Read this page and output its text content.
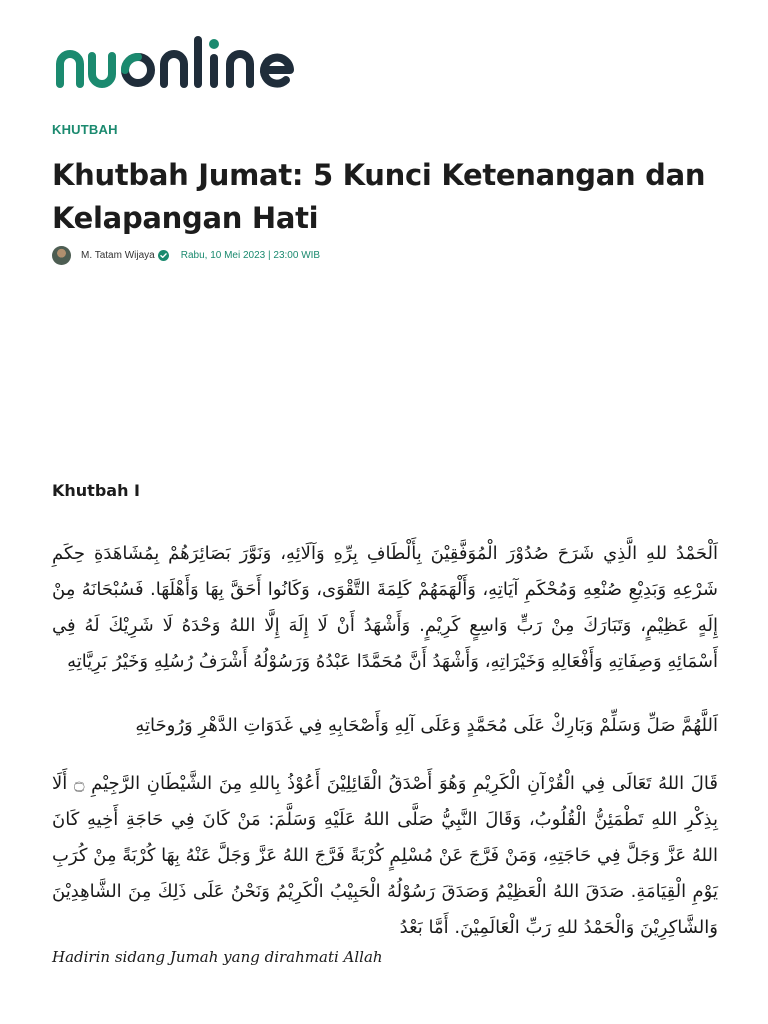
KHUTBAH
Khutbah Jumat: 5 Kunci Ketenangan dan Kelapangan Hati
M. Tatam Wijaya	Rabu, 10 Mei 2023 | 23:00 WIB
Khutbah I

اَلْحَمْدُ للهِ الَّذِي شَرَحَ صُدُوْرَ الْمُوَفَّقِيْنَ بِأَلْطَافِ بِرِّهِ وَآلَائِهِ، وَنَوَّرَ بَصَائِرَهُمْ بِمُشَاهَدَةِ حِكَمِ شَرْعِهِ وَبَدِيْعِ صُنْعِهِ وَمُحْكَمِ آيَاتِهِ، وَأَلْهَمَهُمْ كَلِمَةَ التَّقْوَى، وَكَانُوا أَحَقَّ بِهَا وَأَهْلَهَا. فَسُبْحَانَهُ مِنْ إِلَهٍ عَظِيْمٍ، وَتَبَارَكَ مِنْ رَبٍّ وَاسِعٍ كَرِيْمٍ. وَأَشْهَدُ أَنْ لَا إِلَهَ إِلَّا اللهُ وَحْدَهُ لَا شَرِيْكَ لَهُ فِي أَسْمَائِهِ وَصِفَاتِهِ وَأَفْعَالِهِ وَخَيْرَاتِهِ، وَأَشْهَدُ أَنَّ مُحَمَّدًا عَبْدُهُ وَرَسُوْلُهُ أَشْرَفُ رُسُلِهِ وَخَيْرُ بَرِيَّاتِهِ

اَللَّهُمَّ صَلِّ وَسَلِّمْ وَبَارِكْ عَلَى مُحَمَّدٍ وَعَلَى آلِهِ وَأَصْحَابِهِ فِي غَدَوَاتِ الدَّهْرِ وَرُوحَاتِهِ

قَالَ اللهُ تَعَالَى فِي الْقُرْآنِ الْكَرِيْمِ وَهُوَ أَصْدَقُ الْقَائِلِيْنَ أَعُوْذُ بِاللهِ مِنَ الشَّيْطَانِ الرَّجِيْمِ ۝ أَلَا بِذِكْرِ اللهِ تَطْمَئِنُّ الْقُلُوبُ، وَقَالَ النَّبِيُّ صَلَّى اللهُ عَلَيْهِ وَسَلَّمَ: مَنْ كَانَ فِي حَاجَةِ أَخِيهِ كَانَ اللهُ عَزَّ وَجَلَّ فِي حَاجَتِهِ، وَمَنْ فَرَّجَ عَنْ مُسْلِمٍ كُرْبَةً فَرَّجَ اللهُ عَزَّ وَجَلَّ عَنْهُ بِهَا كُرْبَةً مِنْ كُرَبِ يَوْمِ الْقِيَامَةِ. صَدَقَ اللهُ الْعَظِيْمُ وَصَدَقَ رَسُوْلُهُ الْحَبِيْبُ الْكَرِيْمُ وَنَحْنُ عَلَى ذَلِكَ مِنَ الشَّاهِدِيْنَ وَالشَّاكِرِيْنَ وَالْحَمْدُ للهِ رَبِّ الْعَالَمِيْنَ. أَمَّا بَعْدُ

Hadirin sidang Jumah yang dirahmati Allah
